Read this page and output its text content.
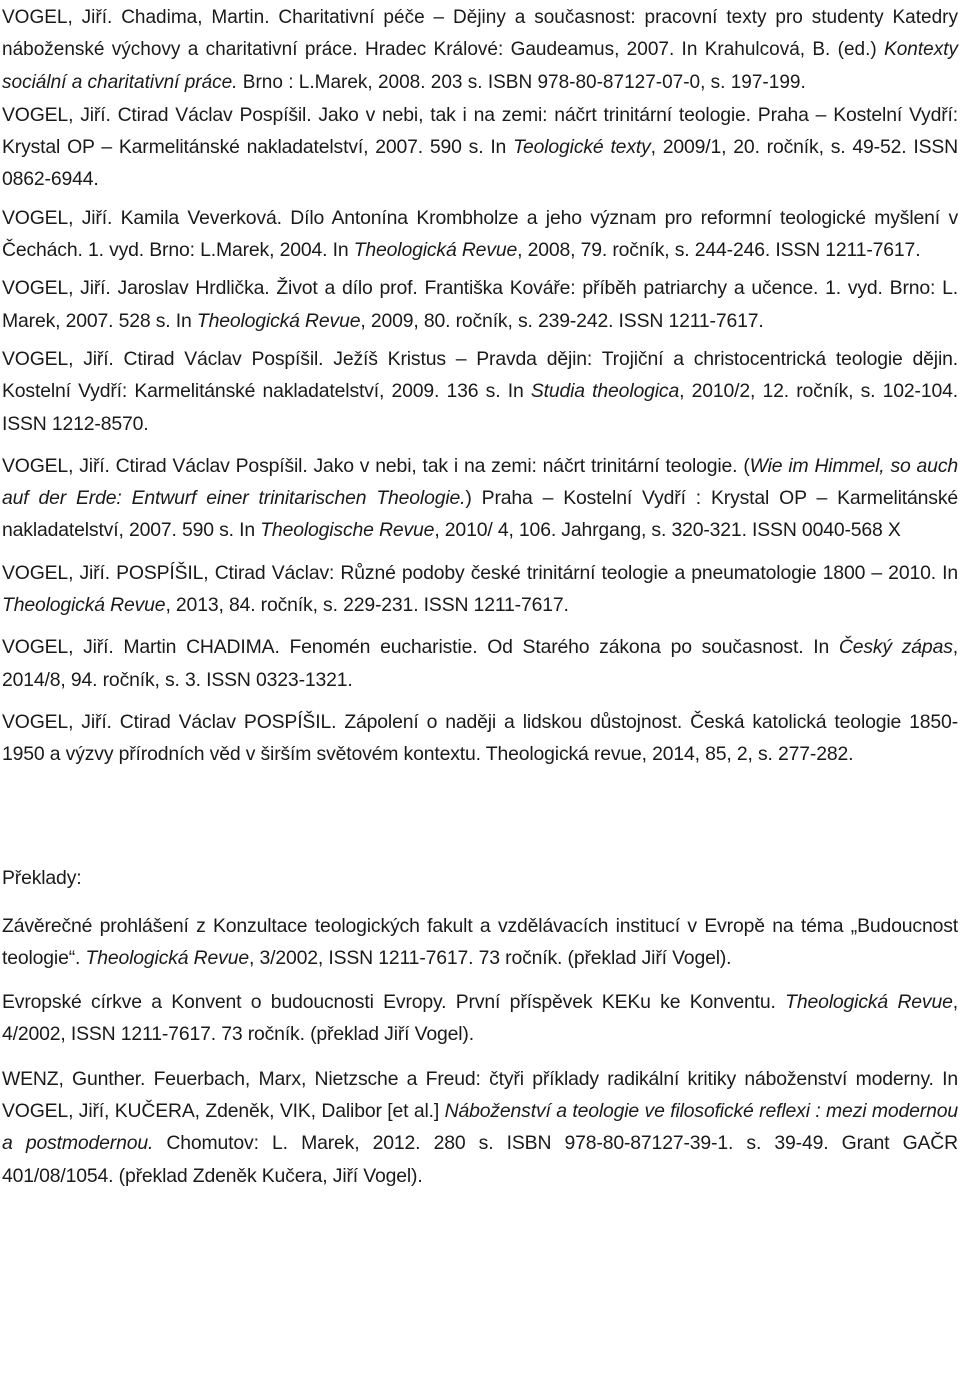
VOGEL, Jiří. Chadima, Martin. Charitativní péče – Dějiny a současnost: pracovní texty pro studenty Katedry náboženské výchovy a charitativní práce. Hradec Králové: Gaudeamus, 2007. In Krahulcová, B. (ed.) Kontexty sociální a charitativní práce. Brno : L.Marek, 2008. 203 s. ISBN 978-80-87127-07-0, s. 197-199.

VOGEL, Jiří. Ctirad Václav Pospíšil. Jako v nebi, tak i na zemi: náčrt trinitární teologie. Praha – Kostelní Vydří: Krystal OP – Karmelitánské nakladatelství, 2007. 590 s. In Teologické texty, 2009/1, 20. ročník, s. 49-52. ISSN 0862-6944.

VOGEL, Jiří. Kamila Veverková. Dílo Antonína Krombholze a jeho význam pro reformní teologické myšlení v Čechách. 1. vyd. Brno: L.Marek, 2004. In Theologická Revue, 2008, 79. ročník, s. 244-246. ISSN 1211-7617.

VOGEL, Jiří. Jaroslav Hrdlička. Život a dílo prof. Františka Kováře: příběh patriarchy a učence. 1. vyd. Brno: L. Marek, 2007. 528 s. In Theologická Revue, 2009, 80. ročník, s. 239-242. ISSN 1211-7617.

VOGEL, Jiří. Ctirad Václav Pospíšil. Ježíš Kristus – Pravda dějin: Trojiční a christocentrická teologie dějin. Kostelní Vydří: Karmelitánské nakladatelství, 2009. 136 s. In Studia theologica, 2010/2, 12. ročník, s. 102-104. ISSN 1212-8570.

VOGEL, Jiří. Ctirad Václav Pospíšil. Jako v nebi, tak i na zemi: náčrt trinitární teologie. (Wie im Himmel, so auch auf der Erde: Entwurf einer trinitarischen Theologie.) Praha – Kostelní Vydří : Krystal OP – Karmelitánské nakladatelství, 2007. 590 s. In Theologische Revue, 2010/ 4, 106. Jahrgang, s. 320-321. ISSN 0040-568 X

VOGEL, Jiří. POSPÍŠIL, Ctirad Václav: Různé podoby české trinitární teologie a pneumatologie 1800 – 2010. In Theologická Revue, 2013, 84. ročník, s. 229-231. ISSN 1211-7617.

VOGEL, Jiří. Martin CHADIMA. Fenomén eucharistie. Od Starého zákona po současnost. In Český zápas, 2014/8, 94. ročník, s. 3. ISSN 0323-1321.

VOGEL, Jiří. Ctirad Václav POSPÍŠIL. Zápolení o naději a lidskou důstojnost. Česká katolická teologie 1850-1950 a výzvy přírodních věd v širším světovém kontextu. Theologická revue, 2014, 85, 2, s. 277-282.

Překlady:

Závěrečné prohlášení z Konzultace teologických fakult a vzdělávacích institucí v Evropě na téma „Budoucnost teologie“. Theologická Revue, 3/2002, ISSN 1211-7617. 73 ročník. (překlad Jiří Vogel).

Evropské církve a Konvent o budoucnosti Evropy. První příspěvek KEKu ke Konventu. Theologická Revue, 4/2002, ISSN 1211-7617. 73 ročník. (překlad Jiří Vogel).

WENZ, Gunther. Feuerbach, Marx, Nietzsche a Freud: čtyři příklady radikální kritiky náboženství moderny. In VOGEL, Jiří, KUČERA, Zdeněk, VIK, Dalibor [et al.] Náboženství a teologie ve filosofické reflexi : mezi modernou a postmodernou. Chomutov: L. Marek, 2012. 280 s. ISBN 978-80-87127-39-1. s. 39-49. Grant GAČR 401/08/1054. (překlad Zdeněk Kučera, Jiří Vogel).
